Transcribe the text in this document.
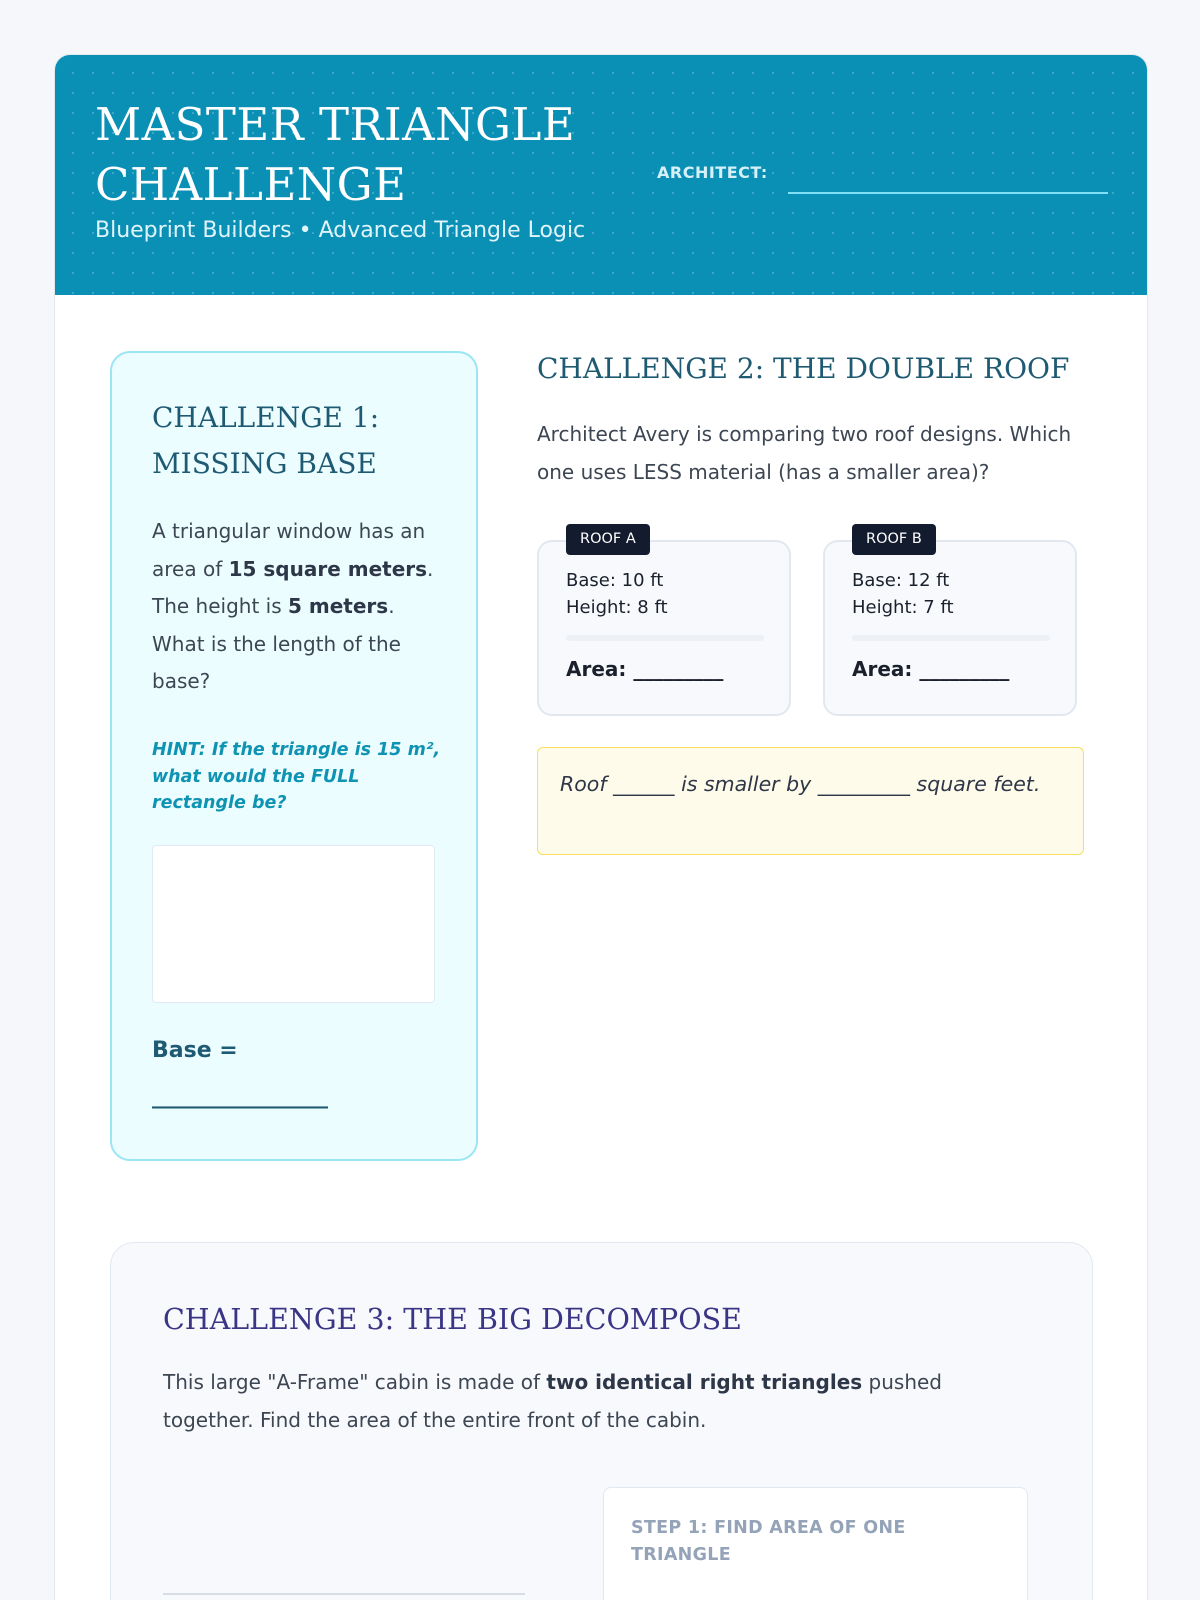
MASTER TRIANGLE CHALLENGE
Blueprint Builders • Advanced Triangle Logic
ARCHITECT:
CHALLENGE 1: MISSING BASE
A triangular window has an area of 15 square meters. The height is 5 meters. What is the length of the base?
HINT: If the triangle is 15 m², what would the FULL rectangle be?
Base = ________________
CHALLENGE 2: THE DOUBLE ROOF
Architect Avery is comparing two roof designs. Which one uses LESS material (has a smaller area)?
ROOF A
Base: 10 ft
Height: 8 ft
Area: _________
ROOF B
Base: 12 ft
Height: 7 ft
Area: _________
Roof ______ is smaller by _________ square feet.
CHALLENGE 3: THE BIG DECOMPOSE
This large "A-Frame" cabin is made of two identical right triangles pushed together. Find the area of the entire front of the cabin.
STEP 1: FIND AREA OF ONE TRIANGLE
